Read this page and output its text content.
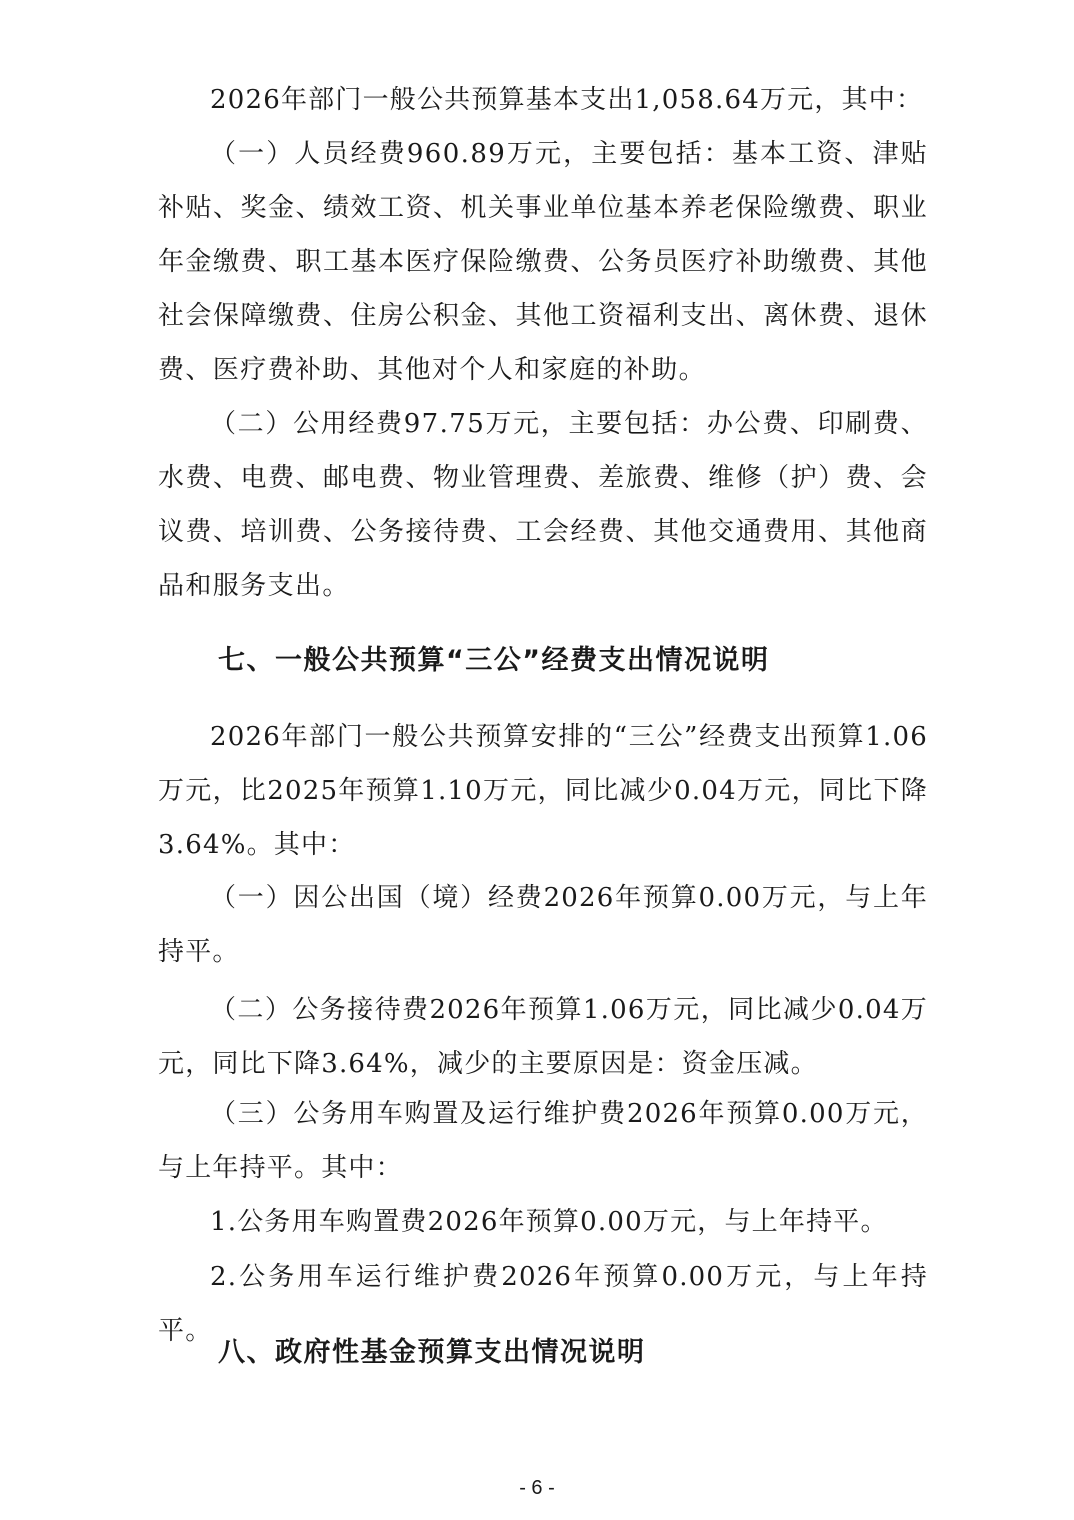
2026年部门一般公共预算基本支出1,058.64万元，其中：

（一）人员经费960.89万元，主要包括：基本工资、津贴补贴、奖金、绩效工资、机关事业单位基本养老保险缴费、职业年金缴费、职工基本医疗保险缴费、公务员医疗补助缴费、其他社会保障缴费、住房公积金、其他工资福利支出、离休费、退休费、医疗费补助、其他对个人和家庭的补助。

（二）公用经费97.75万元，主要包括：办公费、印刷费、水费、电费、邮电费、物业管理费、差旅费、维修（护）费、会议费、培训费、公务接待费、工会经费、其他交通费用、其他商品和服务支出。

七、一般公共预算“三公”经费支出情况说明

2026年部门一般公共预算安排的“三公”经费支出预算1.06万元，比2025年预算1.10万元，同比减少0.04万元，同比下降3.64%。其中：

（一）因公出国（境）经费2026年预算0.00万元，与上年持平。

（二）公务接待费2026年预算1.06万元，同比减少0.04万元，同比下降3.64%，减少的主要原因是：资金压减。

（三）公务用车购置及运行维护费2026年预算0.00万元，与上年持平。其中：

1.公务用车购置费2026年预算0.00万元，与上年持平。

2.公务用车运行维护费2026年预算0.00万元，与上年持平。

八、政府性基金预算支出情况说明
- 6 -
